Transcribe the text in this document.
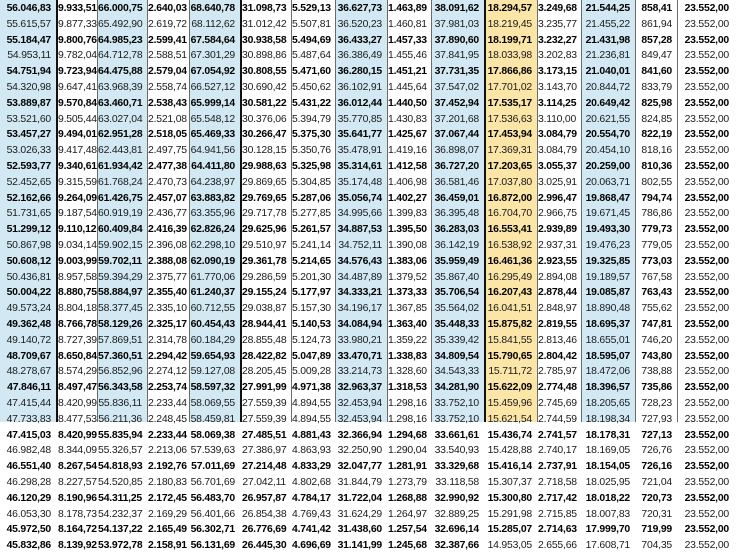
56.046,83
55.615,57
55.184,47
54.953,11
54.751,94
54.320,98
53.889,87
53.521,60
53.457,27
53.026,33
52.593,77
52.452,65
52.162,66
51.731,65
51.299,12
50.867,98
50.608,12
50.436,81
50.004,22
49.573,24
49.362,48
49.140,72
48.709,67
48.278,67
47.846,11
47.415,44
47.733,83
47.415,03
46.982,48
46.551,40
46.298,28
46.120,29
46.053,30
45.972,50
45.832,86
9.933,51
9.877,33
9.800,76
9.782,04
9.723,94
9.647,41
9.570,84
9.505,44
9.494,01
9.417,48
9.340,61
9.315,59
9.264,09
9.187,54
9.110,12
9.034,14
9.003,99
8.957,58
8.880,75
8.804,18
8.766,78
8.727,39
8.650,84
8.574,29
8.497,47
8.420,99
8.477,53
8.420,99
8.344,09
8.267,54
8.227,57
8.190,96
8.178,73
8.164,72
8.139,92
66.000,75
65.492,90
64.985,23
64.712,78
64.475,88
63.968,39
63.460,71
63.027,04
62.951,28
62.443,81
61.934,42
61.768,24
61.426,75
60.919,19
60.409,84
59.902,15
59.702,11
59.394,29
58.884,97
58.377,45
58.129,26
57.869,51
57.360,51
56.852,96
56.343,58
55.836,11
56.211,36
55.835,94
55.326,57
54.818,93
54.520,85
54.311,25
54.232,37
54.137,22
53.972,78
2.640,03
2.619,72
2.599,41
2.588,51
2.579,04
2.558,74
2.538,43
2.521,08
2.518,05
2.497,75
2.477,38
2.470,73
2.457,07
2.436,77
2.416,39
2.396,08
2.388,08
2.375,77
2.355,40
2.335,10
2.325,17
2.314,78
2.294,42
2.274,12
2.253,74
2.233,44
2.248,45
2.233,44
2.213,06
2.192,76
2.180,83
2.172,45
2.169,29
2.165,49
2.158,91
68.640,78
68.112,62
67.584,64
67.301,29
67.054,92
66.527,12
65.999,14
65.548,12
65.469,33
64.941,56
64.411,80
64.238,97
63.883,82
63.355,96
62.826,24
62.298,10
62.090,19
61.770,06
61.240,37
60.712,55
60.454,43
60.184,29
59.654,93
59.127,08
58.597,32
58.069,55
58.459,81
58.069,38
57.539,63
57.011,69
56.701,69
56.483,70
56.401,66
56.302,71
56.131,69
31.098,73
31.012,42
30.938,58
30.898,86
30.808,55
30.690,42
30.581,22
30.376,06
30.266,47
30.128,15
29.988,63
29.869,65
29.769,65
29.717,78
29.625,96
29.510,97
29.361,78
29.286,59
29.155,24
29.038,87
28.944,41
28.855,48
28.422,82
28.205,45
27.991,99
27.559,39
27.559,39
27.485,51
27.386,97
27.214,48
27.042,11
26.957,87
26.854,38
26.776,69
26.445,30
5.529,13
5.507,81
5.494,69
5.487,64
5.471,60
5.450,62
5.431,22
5.394,79
5.375,30
5.350,76
5.325,98
5.304,85
5.287,06
5.277,85
5.261,57
5.241,14
5.214,65
5.201,30
5.177,97
5.157,30
5.140,53
5.124,73
5.047,89
5.009,28
4.971,38
4.894,55
4.894,55
4.881,43
4.863,93
4.833,29
4.802,68
4.784,17
4.769,43
4.741,42
4.696,69
36.627,73
36.520,23
36.433,27
36.386,49
36.280,15
36.102,91
36.012,44
35.770,85
35.641,77
35.478,91
35.314,61
35.174,48
35.056,74
34.995,66
34.887,53
34.752,11
34.576,43
34.487,89
34.333,21
34.196,17
34.084,94
33.980,21
33.470,71
33.214,73
32.963,37
32.453,94
32.453,94
32.366,94
32.250,90
32.047,77
31.844,79
31.722,04
31.624,29
31.438,60
31.141,99
1.463,89
1.460,81
1.457,33
1.455,46
1.451,21
1.445,64
1.440,50
1.430,83
1.425,67
1.419,16
1.412,58
1.406,98
1.402,27
1.399,83
1.395,50
1.390,08
1.383,06
1.379,52
1.373,33
1.367,85
1.363,40
1.359,22
1.338,83
1.328,60
1.318,53
1.298,16
1.298,16
1.294,68
1.290,04
1.281,91
1.273,79
1.268,88
1.264,97
1.257,54
1.245,68
38.091,62
37.981,03
37.890,60
37.841,95
37.731,35
37.547,02
37.452,94
37.201,68
37.067,44
36.898,07
36.727,20
36.581,46
36.459,01
36.395,48
36.283,03
36.142,19
35.959,49
35.867,40
35.706,54
35.564,02
35.448,33
35.339,42
34.809,54
34.543,33
34.281,90
33.752,10
33.752,10
33.661,61
33.540,93
33.329,68
33.118,58
32.990,92
32.889,25
32.696,14
32.387,66
18.294,57
18.219,45
18.199,71
18.033,98
17.866,86
17.701,02
17.535,17
17.536,63
17.453,94
17.369,31
17.203,65
17.037,80
16.872,00
16.704,70
16.553,41
16.538,92
16.461,36
16.295,49
16.207,43
16.041,51
15.875,82
15.841,55
15.790,65
15.711,72
15.622,09
15.459,96
15.621,54
15.436,74
15.428,88
15.416,14
15.307,37
15.300,80
15.291,98
15.285,07
14.953,05
3.249,68
3.235,77
3.232,27
3.202,83
3.173,15
3.143,70
3.114,25
3.110,00
3.084,79
3.084,79
3.055,37
3.025,91
2.996,47
2.966,75
2.939,89
2.937,31
2.923,55
2.894,08
2.878,44
2.848,97
2.819,55
2.813,46
2.804,42
2.785,97
2.774,48
2.745,69
2.744,59
2.741,57
2.740,17
2.737,91
2.718,58
2.717,42
2.715,85
2.714,63
2.655,66
21.544,25
21.455,22
21.431,98
21.236,81
21.040,01
20.844,72
20.649,42
20.621,55
20.554,70
20.454,10
20.259,00
20.063,71
19.868,47
19.671,45
19.493,30
19.476,23
19.325,85
19.189,57
19.085,87
18.890,48
18.695,37
18.655,01
18.595,07
18.472,06
18.396,57
18.205,65
18.198,34
18.178,31
18.169,05
18.154,05
18.025,95
18.018,22
18.007,83
17.999,70
17.608,71
858,41
861,94
857,28
849,47
841,60
833,79
825,98
824,85
822,19
818,16
810,36
802,55
794,74
786,86
779,73
779,05
773,03
767,58
763,43
755,62
747,81
746,20
743,80
738,88
735,86
728,23
727,93
727,13
726,76
726,16
721,04
720,73
720,31
719,99
704,35
23.552,00
23.552,00
23.552,00
23.552,00
23.552,00
23.552,00
23.552,00
23.552,00
23.552,00
23.552,00
23.552,00
23.552,00
23.552,00
23.552,00
23.552,00
23.552,00
23.552,00
23.552,00
23.552,00
23.552,00
23.552,00
23.552,00
23.552,00
23.552,00
23.552,00
23.552,00
23.552,00
23.552,00
23.552,00
23.552,00
23.552,00
23.552,00
23.552,00
23.552,00
23.552,00
